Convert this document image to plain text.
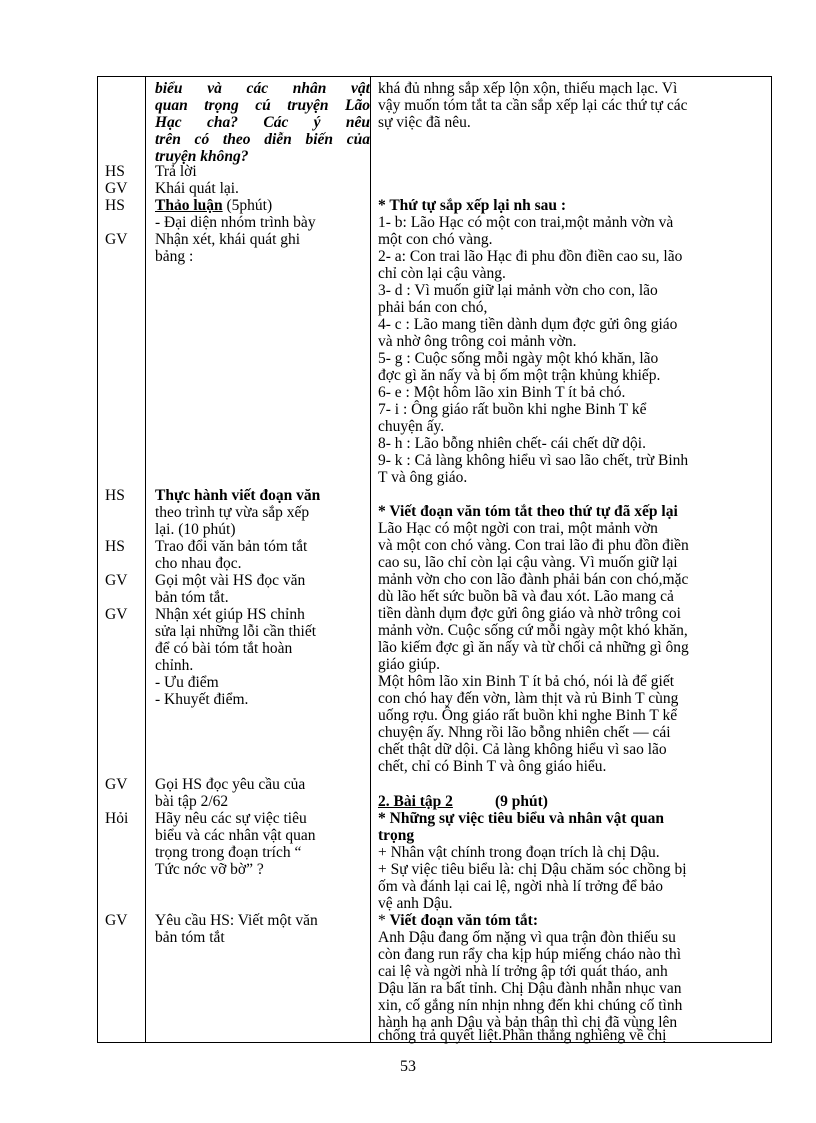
HS
GV
HS
GV
HS
HS
GV
GV
GV
Hỏi
GV
biểu và các nhân vật
quan trọng cú truyện Lão
Hạc cha? Các ý nêu
trên có theo diễn biến của
truyện không?
Trả lời
Khái quát lại.
Thảo luận (5phút)
- Đại diện nhóm trình bày
Nhận xét, khái quát ghi
bảng :
Thực hành viết đoạn văn
theo trình tự vừa sắp xếp
lại. (10 phút)
Trao đổi văn bản tóm tắt
cho nhau đọc.
Gọi một vài HS đọc văn
bản tóm tắt.
Nhận xét giúp HS chỉnh
sửa lại những lỗi cần thiết
để có bài tóm tắt hoàn
chỉnh.
- Ưu điểm
- Khuyết điểm.
Gọi HS đọc yêu cầu của
bài tập 2/62
Hãy nêu các sự việc tiêu
biểu và các nhân vật quan
trọng trong đoạn trích “
Tức nớc vỡ bờ” ?
Yêu cầu HS: Viết một văn
bản tóm tắt
khá đủ nhng sắp xếp lộn xộn, thiếu mạch lạc. Vì
vậy muốn tóm tắt ta cần sắp xếp lại các thứ tự các
sự việc đã nêu.
* Thứ tự sắp xếp lại nh sau :
1- b: Lão Hạc có một con trai,một mảnh vờn và
một con chó vàng.
2- a: Con trai lão Hạc đi phu đồn điền cao su, lão
chỉ còn lại cậu vàng.
3- d : Vì muốn giữ lại mảnh vờn cho con, lão
phải bán con chó,
4- c : Lão mang tiền dành dụm đợc gửi ông giáo
và nhờ ông trông coi mảnh vờn.
5- g : Cuộc sống mỗi ngày một khó khăn, lão
đợc gì ăn nấy và bị ốm một trận khủng khiếp.
6- e : Một hôm lão xin Binh T ít bả chó.
7- i : Ông giáo rất buồn khi nghe Binh T kể
chuyện ấy.
8- h : Lão bỗng nhiên chết- cái chết dữ dội.
9- k : Cả làng không hiểu vì sao lão chết, trừ Binh
T và ông giáo.
* Viết đoạn văn tóm tắt theo thứ tự đã xếp lại
Lão Hạc có một ngời con trai, một mảnh vờn
và một con chó vàng. Con trai lão đi phu đồn điền
cao su, lão chỉ còn lại cậu vàng. Vì muốn giữ lại
mảnh vờn cho con lão đành phải bán con chó,mặc
dù lão hết sức buồn bã và đau xót. Lão mang cả
tiền dành dụm đợc gửi ông giáo và nhờ trông coi
mảnh vờn. Cuộc sống cứ mỗi ngày một khó khăn,
lão kiếm đợc gì ăn nấy và từ chối cả những gì ông
giáo giúp.
Một hôm lão xin Binh T ít bả chó, nói là để giết
con chó hay đến vờn, làm thịt và rủ Binh T cùng
uống rợu. Ông giáo rất buồn khi nghe Binh T kể
chuyện ấy. Nhng rồi lão bỗng nhiên chết — cái
chết thật dữ dội. Cả làng không hiểu vì sao lão
chết, chỉ có Binh T và ông giáo hiểu.
2. Bài tập 2	(9 phút)
* Những sự việc tiêu biểu và nhân vật quan
trọng
+ Nhân vật chính trong đoạn trích là chị Dậu.
+ Sự việc tiêu biểu là: chị Dậu chăm sóc chồng bị
ốm và đánh lại cai lệ, ngời nhà lí trởng để bảo
vệ anh Dậu.
* Viết đoạn văn tóm tắt:
Anh Dậu đang ốm nặng vì qua trận đòn thiếu su
còn đang run rẩy cha kịp húp miếng cháo nào thì
cai lệ và ngời nhà lí trởng ập tới quát tháo, anh
Dậu lăn ra bất tỉnh. Chị Dậu đành nhẫn nhục van
xin, cố gắng nín nhịn nhng đến khi chúng cố tình
hành hạ anh Dậu và bản thân thì chị đã vùng lên
chống trả quyết liệt.Phần thắng nghiêng về chị
53
